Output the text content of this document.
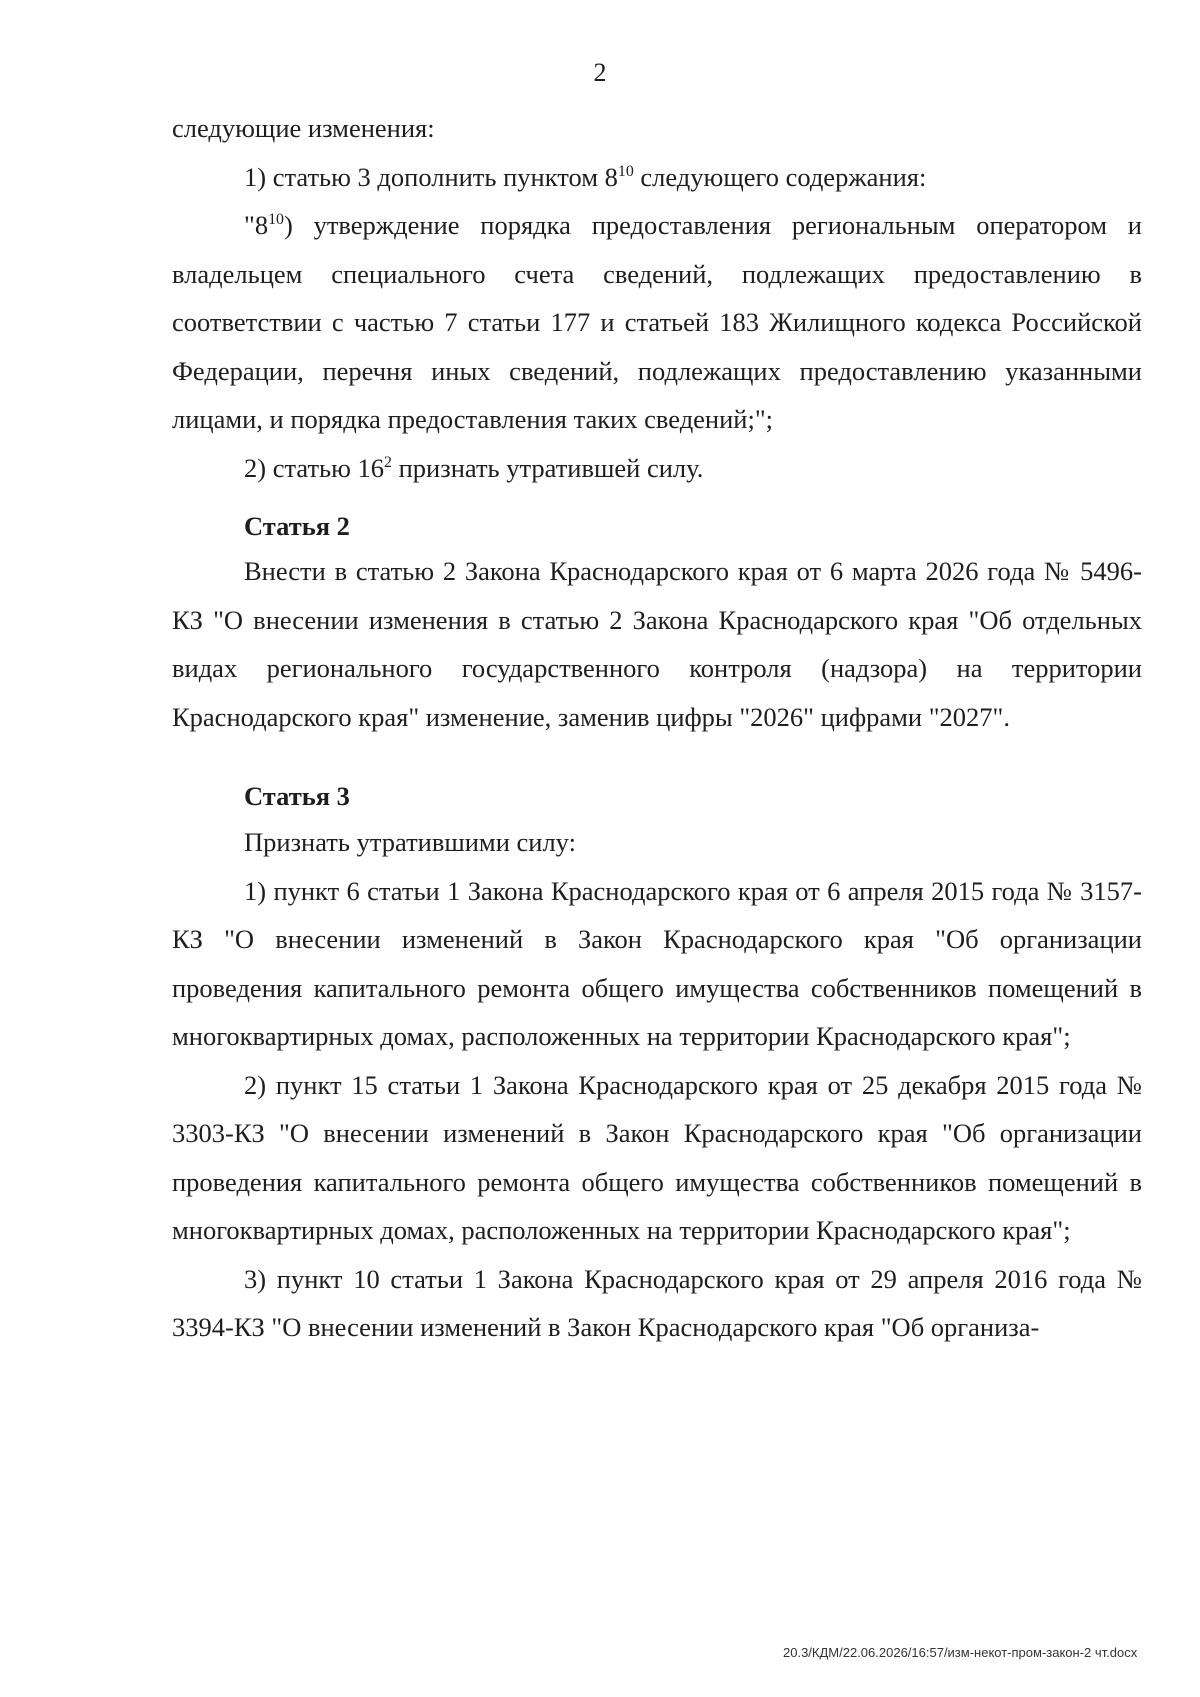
2
следующие изменения:
1) статью 3 дополнить пунктом $8^{10}$ следующего содержания:
"$8^{10}$) утверждение порядка предоставления региональным оператором и владельцем специального счета сведений, подлежащих предоставлению в соответствии с частью 7 статьи 177 и статьей 183 Жилищного кодекса Российской Федерации, перечня иных сведений, подлежащих предоставлению указанными лицами, и порядка предоставления таких сведений;";
2) статью $16^2$ признать утратившей силу.
Статья 2
Внести в статью 2 Закона Краснодарского края от 6 марта 2026 года № 5496-КЗ "О внесении изменения в статью 2 Закона Краснодарского края "Об отдельных видах регионального государственного контроля (надзора) на территории Краснодарского края" изменение, заменив цифры "2026" цифрами "2027".
Статья 3
Признать утратившими силу:
1) пункт 6 статьи 1 Закона Краснодарского края от 6 апреля 2015 года № 3157-КЗ "О внесении изменений в Закон Краснодарского края "Об организации проведения капитального ремонта общего имущества собственников помещений в многоквартирных домах, расположенных на территории Краснодарского края";
2) пункт 15 статьи 1 Закона Краснодарского края от 25 декабря 2015 года № 3303-КЗ "О внесении изменений в Закон Краснодарского края "Об организации проведения капитального ремонта общего имущества собственников помещений в многоквартирных домах, расположенных на территории Краснодарского края";
3) пункт 10 статьи 1 Закона Краснодарского края от 29 апреля 2016 года № 3394-КЗ "О внесении изменений в Закон Краснодарского края "Об организа-
20.3/КДМ/22.06.2026/16:57/изм-некот-пром-закон-2 чт.docx
